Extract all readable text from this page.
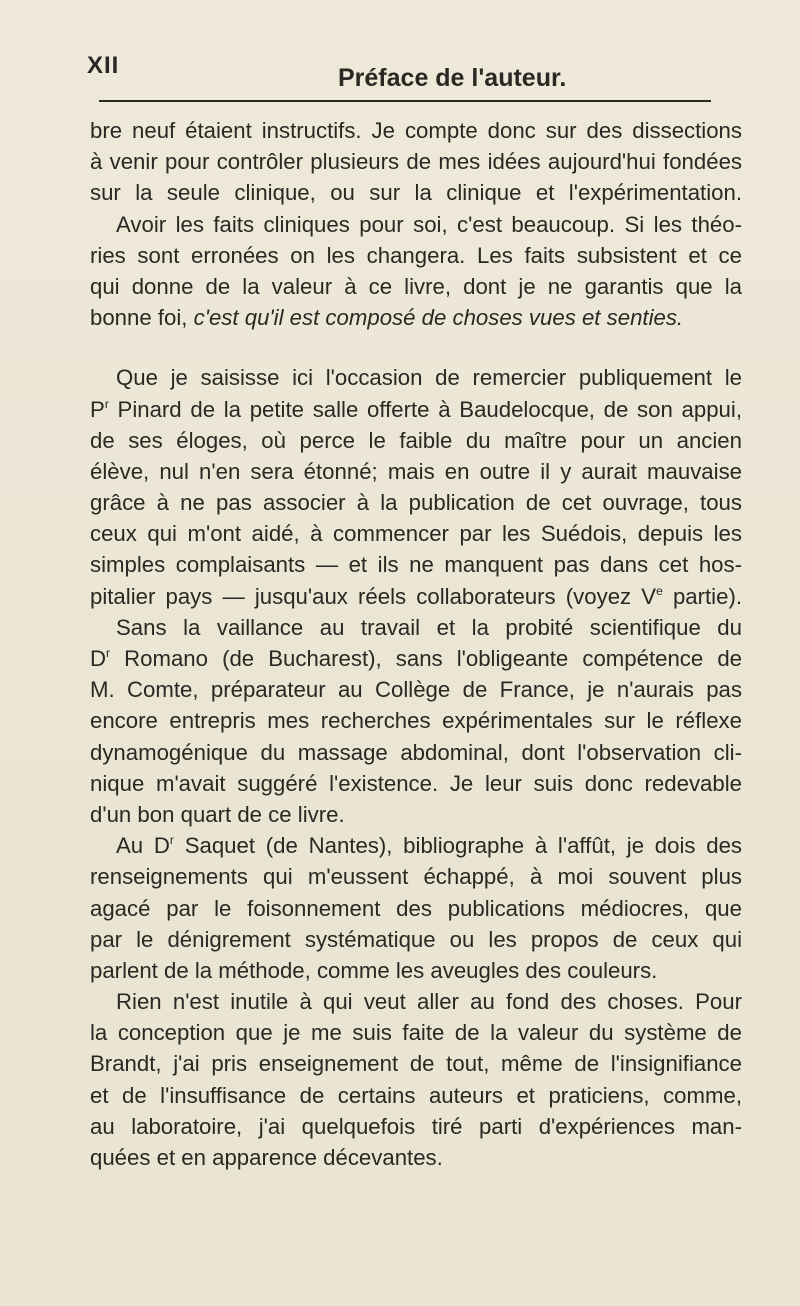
XII	Préface de l'auteur.

bre neuf étaient instructifs. Je compte donc sur des dissections
à venir pour contrôler plusieurs de mes idées aujourd'hui fondées
sur la seule clinique, ou sur la clinique et l'expérimentation.
Avoir les faits cliniques pour soi, c'est beaucoup. Si les théo-
ries sont erronées on les changera. Les faits subsistent et ce
qui donne de la valeur à ce livre, dont je ne garantis que la
bonne foi, c'est qu'il est composé de choses vues et senties.
Que je saisisse ici l'occasion de remercier publiquement le
$P^r$ Pinard de la petite salle offerte à Baudelocque, de son appui,
de ses éloges, où perce le faible du maître pour un ancien
élève, nul n'en sera étonné; mais en outre il y aurait mauvaise
grâce à ne pas associer à la publication de cet ouvrage, tous
ceux qui m'ont aidé, à commencer par les Suédois, depuis les
simples complaisants — et ils ne manquent pas dans cet hos-
pitalier pays — jusqu'aux réels collaborateurs (voyez Ve partie).
Sans la vaillance au travail et la probité scientifique du
$D^r$ Romano (de Bucharest), sans l'obligeante compétence de
M. Comte, préparateur au Collège de France, je n'aurais pas
encore entrepris mes recherches expérimentales sur le réflexe
dynamogénique du massage abdominal, dont l'observation cli-
nique m'avait suggéré l'existence. Je leur suis donc redevable
d'un bon quart de ce livre.
Au $D^r$ Saquet (de Nantes), bibliographe à l'affût, je dois des
renseignements qui m'eussent échappé, à moi souvent plus
agacé par le foisonnement des publications médiocres, que
par le dénigrement systématique ou les propos de ceux qui
parlent de la méthode, comme les aveugles des couleurs.
Rien n'est inutile à qui veut aller au fond des choses. Pour
la conception que je me suis faite de la valeur du système de
Brandt, j'ai pris enseignement de tout, même de l'insignifiance
et de l'insuffisance de certains auteurs et praticiens, comme,
au laboratoire, j'ai quelquefois tiré parti d'expériences man-
quées et en apparence décevantes.
